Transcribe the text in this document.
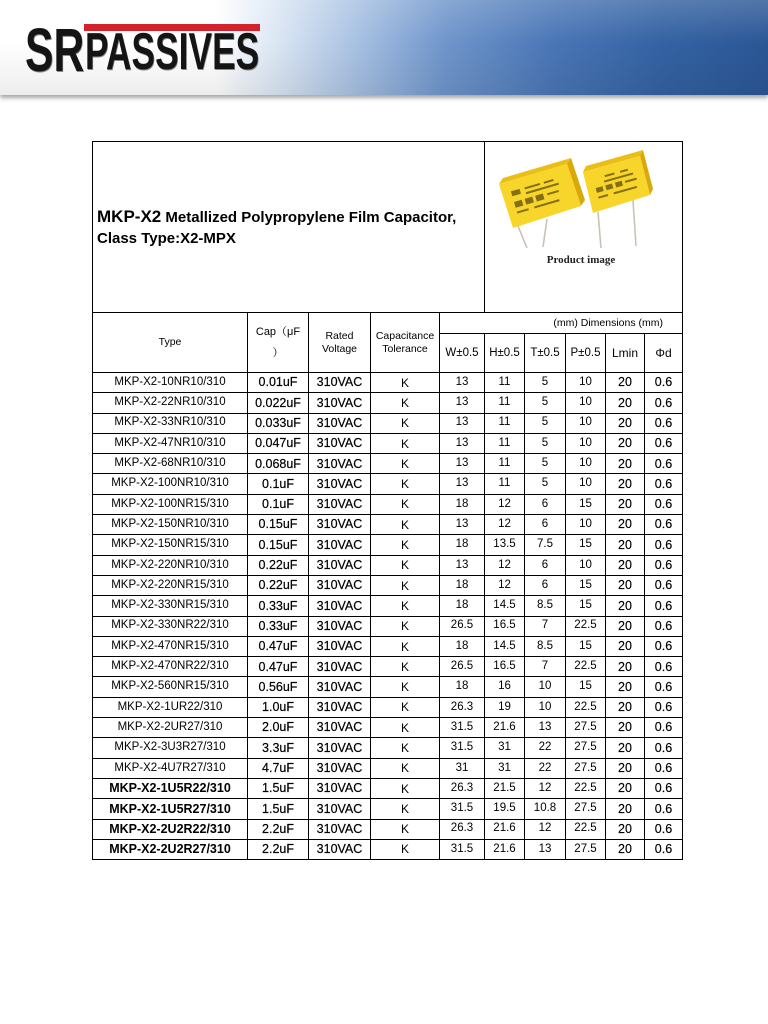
SR PASSIVES
MKP-X2 Metallized Polypropylene Film Capacitor,
Class Type:X2-MPX
Product image
Type
Cap（μF
）
Rated
Voltage
Capacitance
Tolerance
(mm) Dimensions (mm)
W±0.5 H±0.5 T±0.5 P±0.5 Lmin	Φd
MKP-X2-10NR10/310	0.01uF	310VAC	K	13	11	5	10	20	0.6
MKP-X2-22NR10/310	0.022uF	310VAC	K	13	11	5	10	20	0.6
MKP-X2-33NR10/310	0.033uF	310VAC	K	13	11	5	10	20	0.6
MKP-X2-47NR10/310	0.047uF	310VAC	K	13	11	5	10	20	0.6
MKP-X2-68NR10/310	0.068uF	310VAC	K	13	11	5	10	20	0.6
MKP-X2-100NR10/310	0.1uF	310VAC	K	13	11	5	10	20	0.6
MKP-X2-100NR15/310	0.1uF	310VAC	K	18	12	6	15	20	0.6
MKP-X2-150NR10/310	0.15uF	310VAC	K	13	12	6	10	20	0.6
MKP-X2-150NR15/310	0.15uF	310VAC	K	18	13.5	7.5	15	20	0.6
MKP-X2-220NR10/310	0.22uF	310VAC	K	13	12	6	10	20	0.6
MKP-X2-220NR15/310	0.22uF	310VAC	K	18	12	6	15	20	0.6
MKP-X2-330NR15/310	0.33uF	310VAC	K	18	14.5	8.5	15	20	0.6
MKP-X2-330NR22/310	0.33uF	310VAC	K	26.5	16.5	7	22.5	20	0.6
MKP-X2-470NR15/310	0.47uF	310VAC	K	18	14.5	8.5	15	20	0.6
MKP-X2-470NR22/310	0.47uF	310VAC	K	26.5	16.5	7	22.5	20	0.6
MKP-X2-560NR15/310	0.56uF	310VAC	K	18	16	10	15	20	0.6
MKP-X2-1UR22/310	1.0uF	310VAC	K	26.3	19	10	22.5	20	0.6
MKP-X2-2UR27/310	2.0uF	310VAC	K	31.5	21.6	13	27.5	20	0.6
MKP-X2-3U3R27/310	3.3uF	310VAC	K	31.5	31	22	27.5	20	0.6
MKP-X2-4U7R27/310	4.7uF	310VAC	K	31	31	22	27.5	20	0.6
MKP-X2-1U5R22/310	1.5uF	310VAC	K	26.3	21.5	12	22.5	20	0.6
MKP-X2-1U5R27/310	1.5uF	310VAC	K	31.5	19.5	10.8	27.5	20	0.6
MKP-X2-2U2R22/310	2.2uF	310VAC	K	26.3	21.6	12	22.5	20	0.6
MKP-X2-2U2R27/310	2.2uF	310VAC	K	31.5	21.6	13	27.5	20	0.6
